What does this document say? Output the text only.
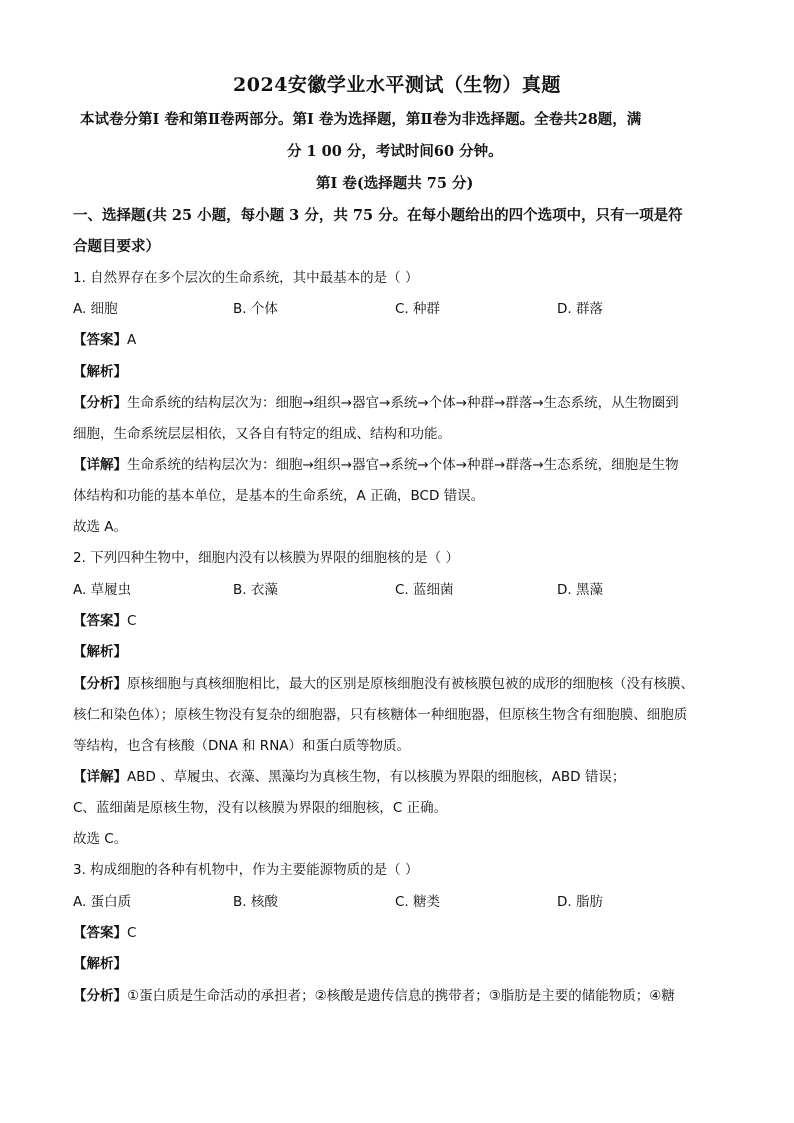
2024安徽学业水平测试（生物）真题
本试卷分第Ⅰ 卷和第Ⅱ卷两部分。第Ⅰ 卷为选择题，第Ⅱ卷为非选择题。全卷共28题，满
分 1 00 分，考试时间60 分钟。
第Ⅰ 卷(选择题共 75 分)
一、选择题(共 25 小题，每小题 3 分，共 75 分。在每小题给出的四个选项中，只有一项是符
合题目要求）
1. 自然界存在多个层次的生命系统，其中最基本的是（ ）
A. 细胞	B. 个体	C. 种群	D. 群落
【答案】A
【解析】
【分析】生命系统的结构层次为：细胞→组织→器官→系统→个体→种群→群落→生态系统，从生物圈到
细胞，生命系统层层相依，又各自有特定的组成、结构和功能。
【详解】生命系统的结构层次为：细胞→组织→器官→系统→个体→种群→群落→生态系统，细胞是生物
体结构和功能的基本单位，是基本的生命系统，A 正确，BCD 错误。
故选 A。
2. 下列四种生物中，细胞内没有以核膜为界限的细胞核的是（ ）
A. 草履虫	B. 衣藻	C. 蓝细菌	D. 黑藻
【答案】C
【解析】
【分析】原核细胞与真核细胞相比，最大的区别是原核细胞没有被核膜包被的成形的细胞核（没有核膜、
核仁和染色体）；原核生物没有复杂的细胞器，只有核糖体一种细胞器，但原核生物含有细胞膜、细胞质
等结构，也含有核酸（DNA 和 RNA）和蛋白质等物质。
【详解】ABD 、草履虫、衣藻、黑藻均为真核生物，有以核膜为界限的细胞核，ABD 错误；
C、蓝细菌是原核生物，没有以核膜为界限的细胞核，C 正确。
故选 C。
3. 构成细胞的各种有机物中，作为主要能源物质的是（ ）
A. 蛋白质	B. 核酸	C. 糖类	D. 脂肪
【答案】C
【解析】
【分析】①蛋白质是生命活动的承担者；②核酸是遗传信息的携带者；③脂肪是主要的储能物质；④糖
